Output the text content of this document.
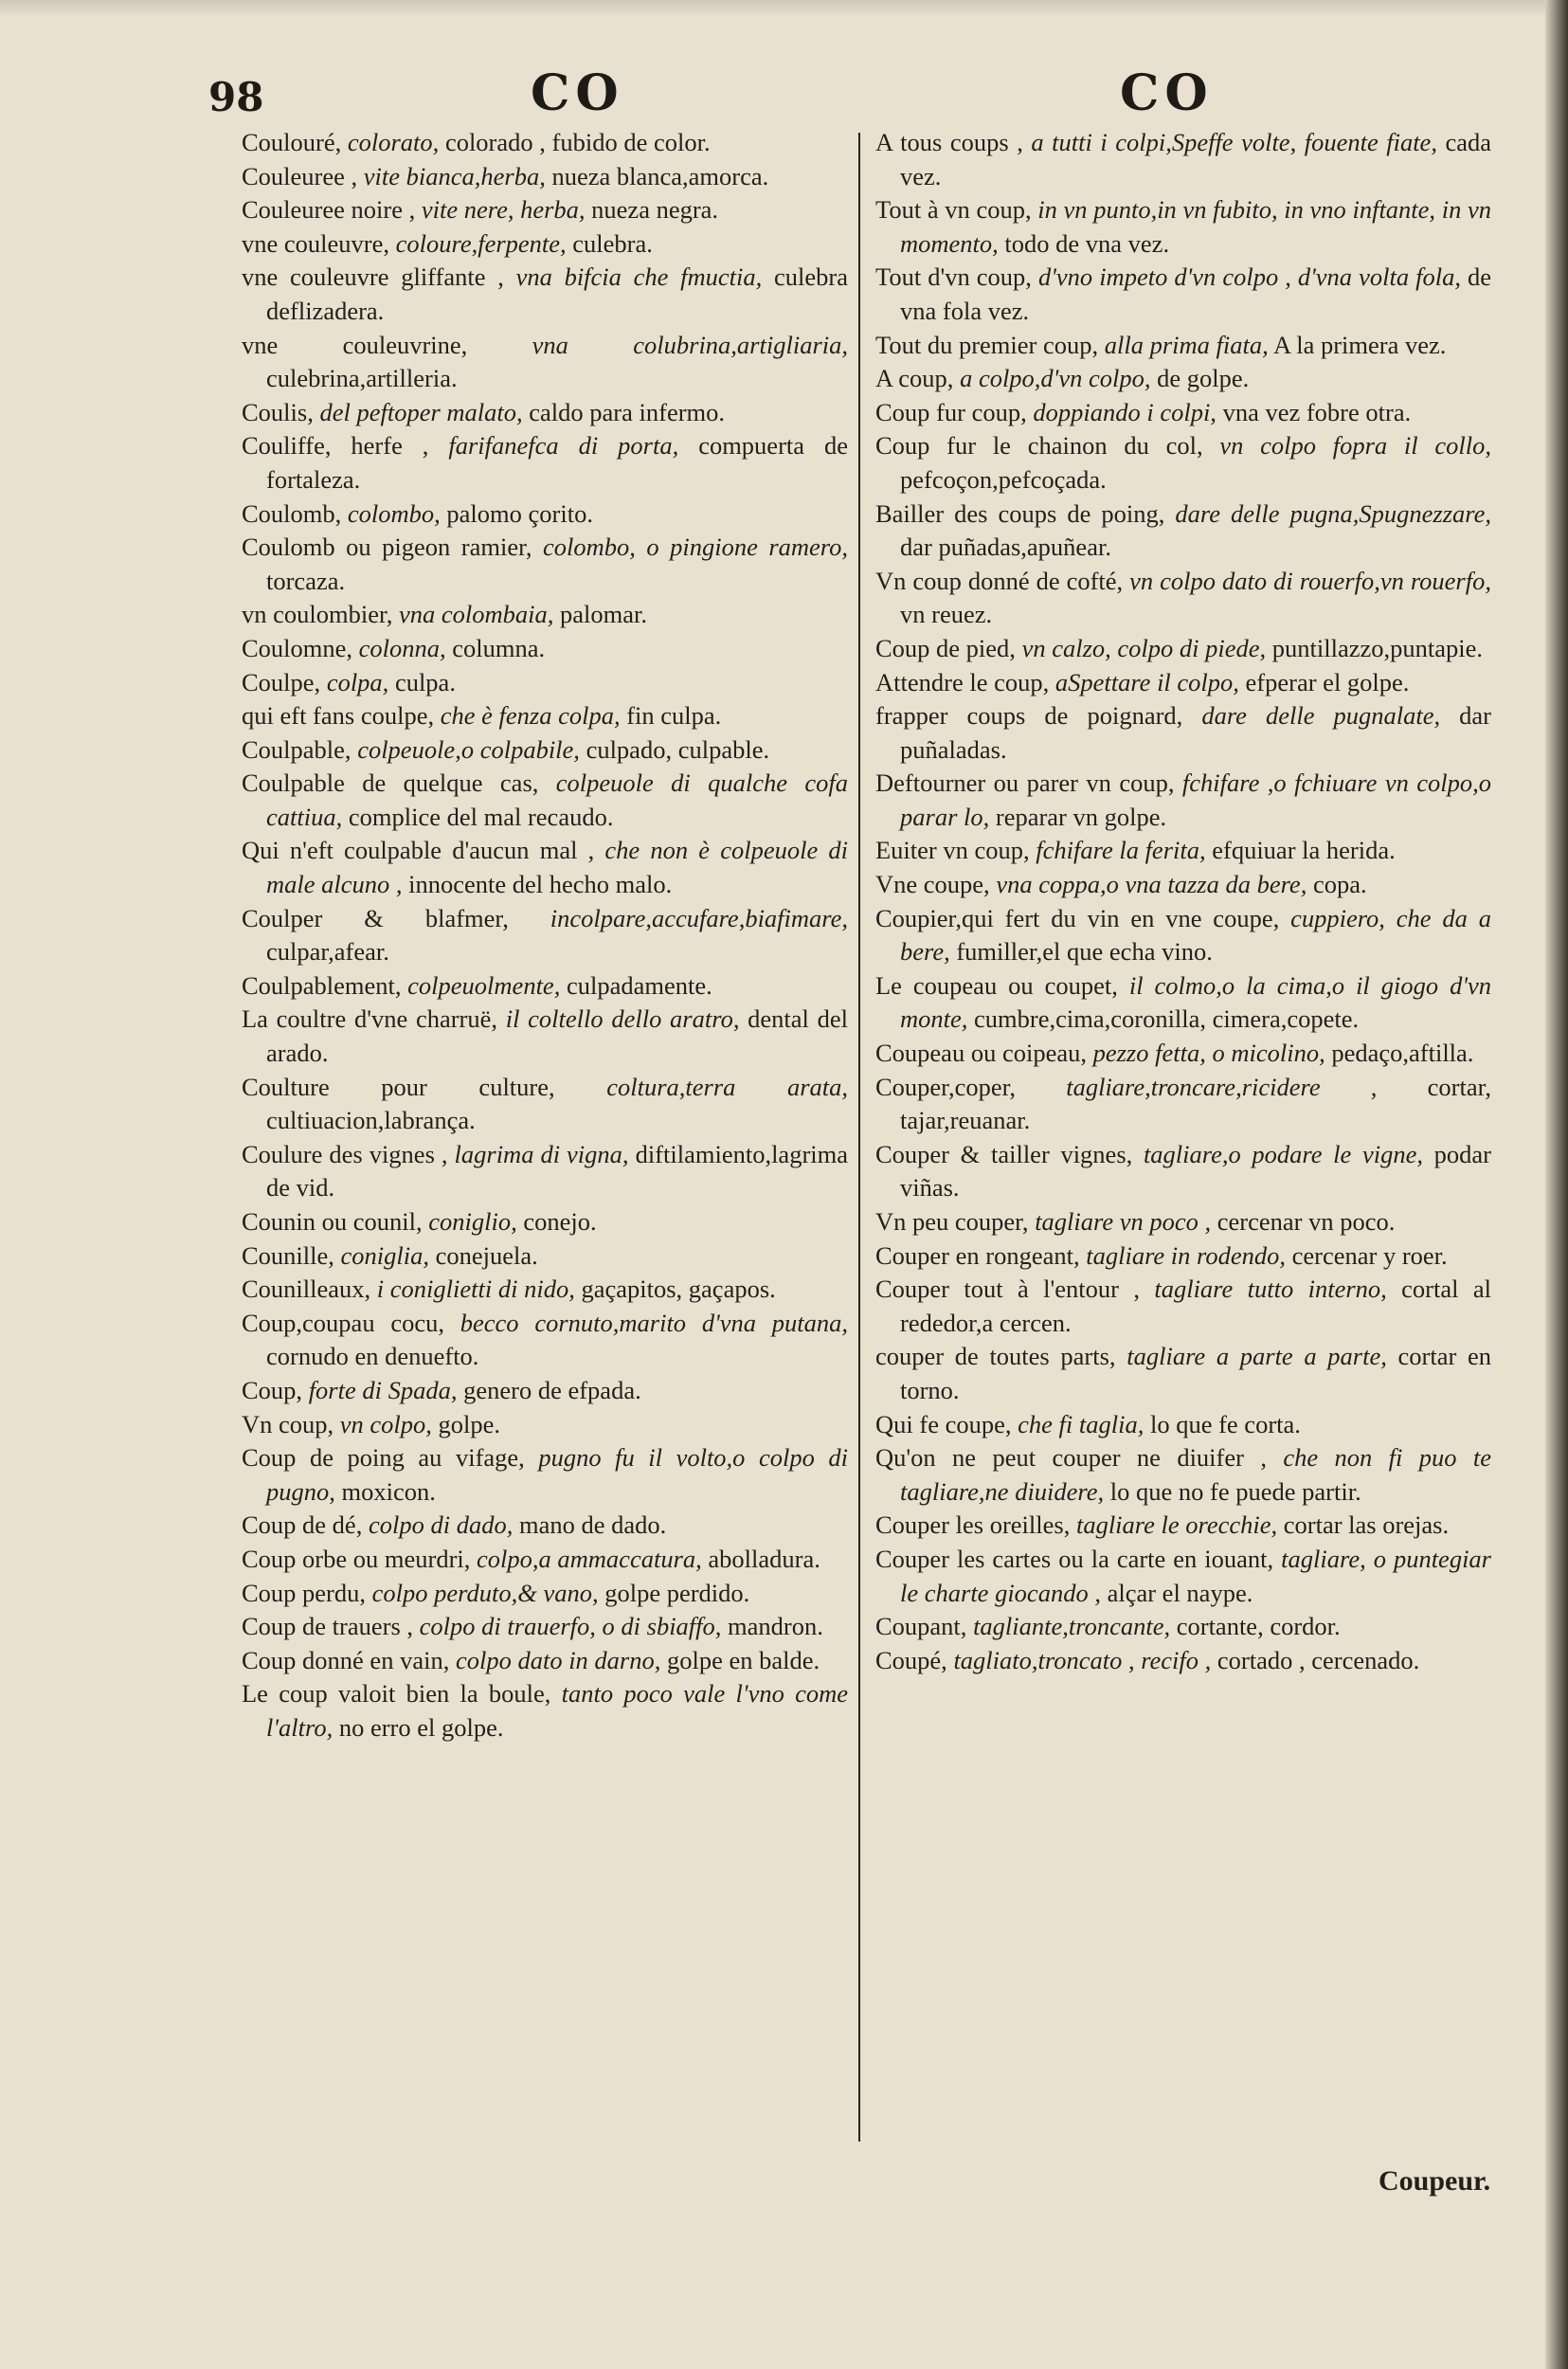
98	CO	CO
Coulouré, colorato, colorado , fubido de color.
Couleuree , vite bianca,herba, nueza blanca,amorca.
Couleuree noire , vite nere, herba, nueza negra.
vne couleuvre, coloure,ferpente, culebra.
vne couleuvre gliffante , vna bifcia che fmuctia, culebra deflizadera.
vne couleuvrine,	vna colubrina,artigliaria, culebrina,artilleria.
Coulis, del peftoper malato, caldo para infermo.
Couliffe, herfe , farifanefca di porta, compuerta de fortaleza.
Coulomb, colombo, palomo çorito.
Coulomb ou pigeon ramier, colombo, o pingione ramero, torcaza.
vn coulombier, vna colombaia, palomar.
Coulomne, colonna, columna.
Coulpe, colpa, culpa.
qui eft fans coulpe, che è fenza colpa, fin culpa.
Coulpable, colpeuole,o colpabile, culpado, culpable.
Coulpable de quelque cas, colpeuole di qualche cofa cattiua, complice del mal recaudo.
Qui n'eft coulpable d'aucun mal , che non è colpeuole di male alcuno , innocente del hecho malo.
Coulper & blafmer, incolpare,accufare,biafimare, culpar,afear.
Coulpablement, colpeuolmente, culpadamente.
La coultre d'vne charruë, il coltello dello aratro, dental del arado.
Coulture pour culture, coltura,terra arata, cultiuacion,labrança.
Coulure des vignes , lagrima di vigna, diftilamiento,lagrima de vid.
Counin ou counil, coniglio, conejo.
Counille, coniglia, conejuela.
Counilleaux, i coniglietti di nido, gaçapitos, gaçapos.
Coup,coupau cocu, becco cornuto,marito d'vna putana, cornudo en denuefto.
Coup, forte di Spada, genero de efpada.
Vn coup, vn colpo, golpe.
Coup de poing au vifage, pugno fu il volto,o colpo di pugno, moxicon.
Coup de dé, colpo di dado, mano de dado.
Coup orbe ou meurdri, colpo,a ammaccatura, abolladura.
Coup perdu, colpo perduto,& vano, golpe perdido.
Coup de trauers , colpo di trauerfo, o di sbiaffo, mandron.
Coup donné en vain, colpo dato in darno, golpe en balde.
Le coup valoit bien la boule, tanto poco vale l'vno come l'altro, no erro el golpe.
A tous coups , a tutti i colpi,Speffe volte, fouente fiate, cada vez.
Tout à vn coup, in vn punto,in vn fubito, in vno inftante, in vn momento, todo de vna vez.
Tout d'vn coup, d'vno impeto d'vn colpo , d'vna volta fola, de vna fola vez.
Tout du premier coup, alla prima fiata, A la primera vez.
A coup, a colpo,d'vn colpo, de golpe.
Coup fur coup, doppiando i colpi, vna vez fobre otra.
Coup fur le chainon du col, vn colpo fopra il collo, pefcoçon,pefcoçada.
Bailler des coups de poing, dare delle pugna,Spugnezzare, dar puñadas,apuñear.
Vn coup donné de cofté, vn colpo dato di rouerfo,vn rouerfo, vn reuez.
Coup de pied, vn calzo, colpo di piede, puntillazzo,puntapie.
Attendre le coup, aSpettare il colpo, efperar el golpe.
frapper coups de poignard, dare delle pugnalate, dar puñaladas.
Deftourner ou parer vn coup, fchifare ,o fchiuare vn colpo,o parar lo, reparar vn golpe.
Euiter vn coup, fchifare la ferita, efquiuar la herida.
Vne coupe, vna coppa,o vna tazza da bere, copa.
Coupier,qui fert du vin en vne coupe, cuppiero, che da a bere, fumiller,el que echa vino.
Le coupeau ou coupet, il colmo,o la cima,o il giogo d'vn monte, cumbre,cima,coronilla, cimera,copete.
Coupeau ou coipeau, pezzo fetta, o micolino, pedaço,aftilla.
Couper,coper, tagliare,troncare,ricidere , cortar, tajar,reuanar.
Couper & tailler vignes, tagliare,o podare le vigne, podar viñas.
Vn peu couper, tagliare vn poco , cercenar vn poco.
Couper en rongeant, tagliare in rodendo, cercenar y roer.
Couper tout à l'entour , tagliare tutto interno, cortal al rededor,a cercen.
couper de toutes parts, tagliare a parte a parte, cortar en torno.
Qui fe coupe, che fi taglia, lo que fe corta.
Qu'on ne peut couper ne diuifer , che non fi puo te tagliare,ne diuidere, lo que no fe puede partir.
Couper les oreilles, tagliare le orecchie, cortar las orejas.
Couper les cartes ou la carte en iouant, tagliare, o puntegiar le charte giocando , alçar el naype.
Coupant, tagliante,troncante, cortante, cordor.
Coupé, tagliato,troncato , recifo , cortado , cercenado.
Coupeur.
